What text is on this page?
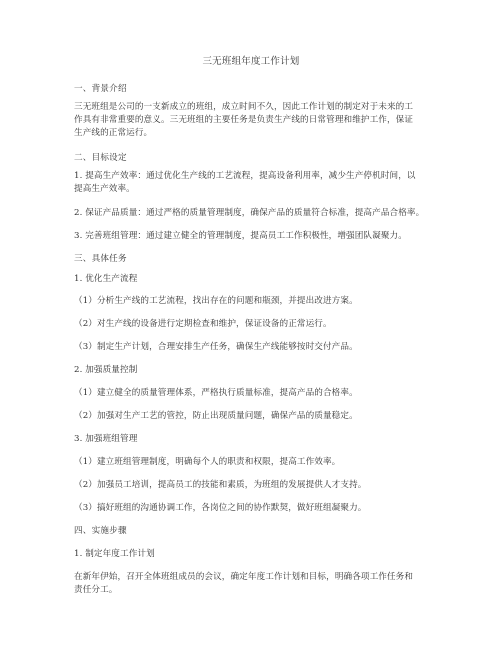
三无班组年度工作计划
一、背景介绍
三无班组是公司的一支新成立的班组，成立时间不久，因此工作计划的制定对于未来的工
作具有非常重要的意义。三无班组的主要任务是负责生产线的日常管理和维护工作，保证
生产线的正常运行。
二、目标设定
1. 提高生产效率：通过优化生产线的工艺流程，提高设备利用率，减少生产停机时间，以
提高生产效率。
2. 保证产品质量：通过严格的质量管理制度，确保产品的质量符合标准，提高产品合格率。
3. 完善班组管理：通过建立健全的管理制度，提高员工工作积极性，增强团队凝聚力。
三、具体任务
1. 优化生产流程
（1）分析生产线的工艺流程，找出存在的问题和瓶颈，并提出改进方案。
（2）对生产线的设备进行定期检查和维护，保证设备的正常运行。
（3）制定生产计划，合理安排生产任务，确保生产线能够按时交付产品。
2. 加强质量控制
（1）建立健全的质量管理体系，严格执行质量标准，提高产品的合格率。
（2）加强对生产工艺的管控，防止出现质量问题，确保产品的质量稳定。
3. 加强班组管理
（1）建立班组管理制度，明确每个人的职责和权限，提高工作效率。
（2）加强员工培训，提高员工的技能和素质，为班组的发展提供人才支持。
（3）搞好班组的沟通协调工作，各岗位之间的协作默契，做好班组凝聚力。
四、实施步骤
1. 制定年度工作计划
在新年伊始，召开全体班组成员的会议，确定年度工作计划和目标，明确各项工作任务和
责任分工。
